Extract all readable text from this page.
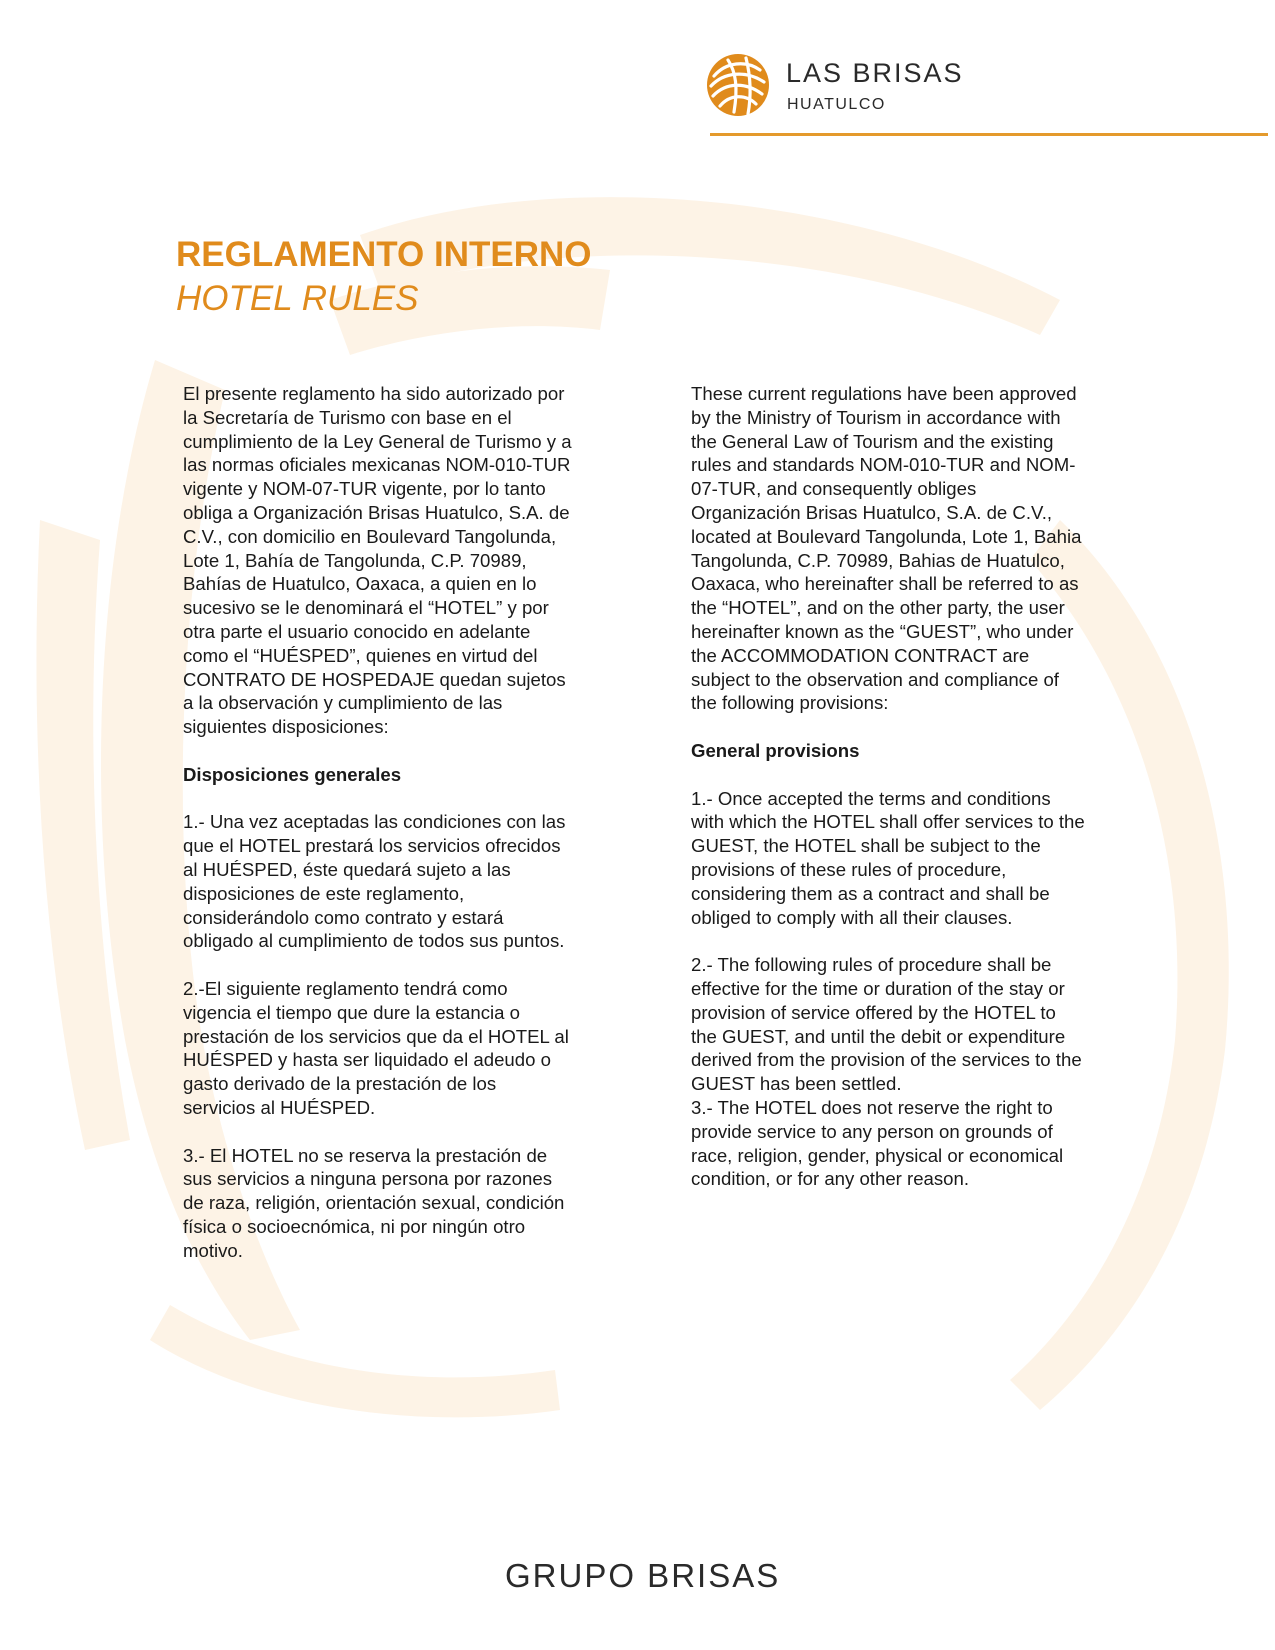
LAS BRISAS
HUATULCO
REGLAMENTO INTERNO
HOTEL RULES

El presente reglamento ha sido autorizado por

la Secretaría de Turismo con base en el

cumplimiento de la Ley General de Turismo y a

las normas oficiales mexicanas NOM-010-TUR

vigente y NOM-07-TUR vigente, por lo tanto

obliga a Organización Brisas Huatulco, S.A. de

C.V., con domicilio en Boulevard Tangolunda,

Lote 1, Bahía de Tangolunda, C.P. 70989,

Bahías de Huatulco, Oaxaca, a quien en lo

sucesivo se le denominará el “HOTEL” y por

otra parte el usuario conocido en adelante

como el “HUÉSPED”, quienes en virtud del

CONTRATO DE HOSPEDAJE quedan sujetos

a la observación y cumplimiento de las

siguientes disposiciones:

Disposiciones generales

1.- Una vez aceptadas las condiciones con las

que el HOTEL prestará los servicios ofrecidos

al HUÉSPED, éste quedará sujeto a las

disposiciones de este reglamento,

considerándolo como contrato y estará

obligado al cumplimiento de todos sus puntos.

2.-El siguiente reglamento tendrá como

vigencia el tiempo que dure la estancia o

prestación de los servicios que da el HOTEL al

HUÉSPED y hasta ser liquidado el adeudo o

gasto derivado de la prestación de los

servicios al HUÉSPED.

3.- El HOTEL no se reserva la prestación de

sus servicios a ninguna persona por razones

de raza, religión, orientación sexual, condición

física o socioecnómica, ni por ningún otro

motivo.

These current regulations have been approved

by the Ministry of Tourism in accordance with

the General Law of Tourism and the existing

rules and standards NOM-010-TUR and NOM-

07-TUR, and consequently obliges

Organización Brisas Huatulco, S.A. de C.V.,

located at Boulevard Tangolunda, Lote 1, Bahia

Tangolunda, C.P. 70989, Bahias de Huatulco,

Oaxaca, who hereinafter shall be referred to as

the “HOTEL”, and on the other party, the user

hereinafter known as the “GUEST”, who under

the ACCOMMODATION CONTRACT are

subject to the observation and compliance of

the following provisions:

General provisions

1.- Once accepted the terms and conditions

with which the HOTEL shall offer services to the

GUEST, the HOTEL shall be subject to the

provisions of these rules of procedure,

considering them as a contract and shall be

obliged to comply with all their clauses.

2.- The following rules of procedure shall be

effective for the time or duration of the stay or

provision of service offered by the HOTEL to

the GUEST, and until the debit or expenditure

derived from the provision of the services to the

GUEST has been settled.

3.- The HOTEL does not reserve the right to

provide service to any person on grounds of

race, religion, gender, physical or economical

condition, or for any other reason.

GRUPO BRISAS
